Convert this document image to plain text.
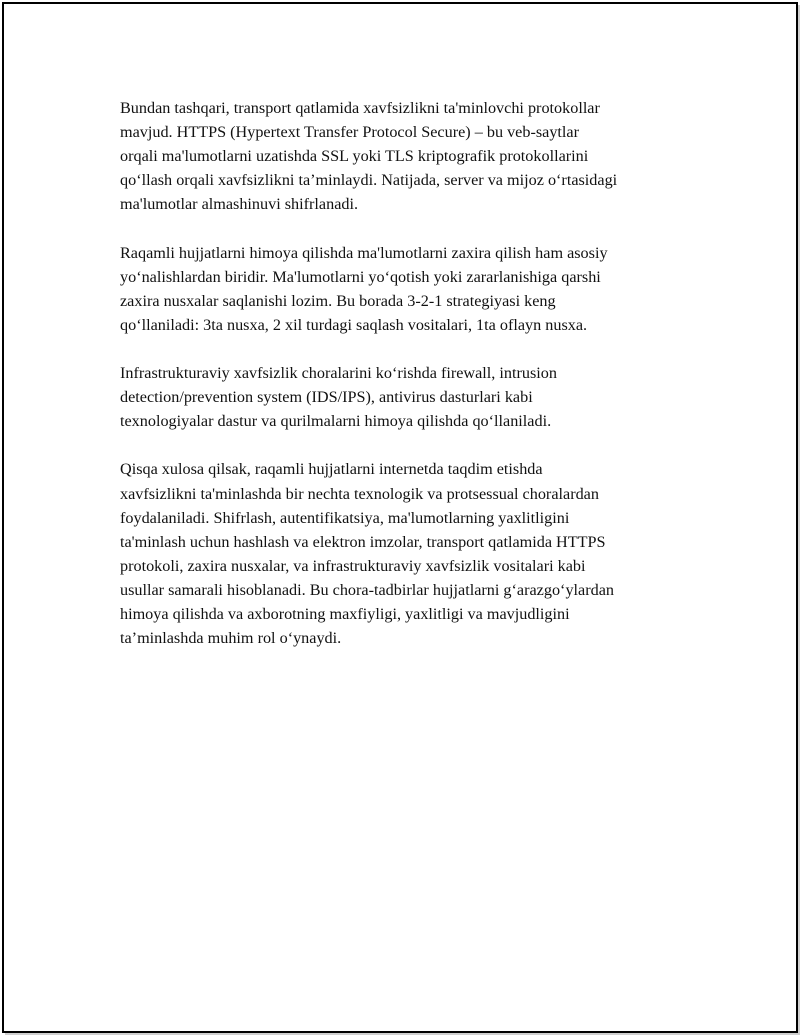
Bundan tashqari, transport qatlamida xavfsizlikni ta'minlovchi protokollar
mavjud. HTTPS (Hypertext Transfer Protocol Secure) – bu veb-saytlar
orqali ma'lumotlarni uzatishda SSL yoki TLS kriptografik protokollarini
qo‘llash orqali xavfsizlikni ta’minlaydi. Natijada, server va mijoz o‘rtasidagi
ma'lumotlar almashinuvi shifrlanadi.

Raqamli hujjatlarni himoya qilishda ma'lumotlarni zaxira qilish ham asosiy
yo‘nalishlardan biridir. Ma'lumotlarni yo‘qotish yoki zararlanishiga qarshi
zaxira nusxalar saqlanishi lozim. Bu borada 3-2-1 strategiyasi keng
qo‘llaniladi: 3ta nusxa, 2 xil turdagi saqlash vositalari, 1ta oflayn nusxa.

Infrastrukturaviy xavfsizlik choralarini ko‘rishda firewall, intrusion
detection/prevention system (IDS/IPS), antivirus dasturlari kabi
texnologiyalar dastur va qurilmalarni himoya qilishda qo‘llaniladi.

Qisqa xulosa qilsak, raqamli hujjatlarni internetda taqdim etishda
xavfsizlikni ta'minlashda bir nechta texnologik va protsessual choralardan
foydalaniladi. Shifrlash, autentifikatsiya, ma'lumotlarning yaxlitligini
ta'minlash uchun hashlash va elektron imzolar, transport qatlamida HTTPS
protokoli, zaxira nusxalar, va infrastrukturaviy xavfsizlik vositalari kabi
usullar samarali hisoblanadi. Bu chora-tadbirlar hujjatlarni g‘arazgo‘ylardan
himoya qilishda va axborotning maxfiyligi, yaxlitligi va mavjudligini
ta’minlashda muhim rol o‘ynaydi.
